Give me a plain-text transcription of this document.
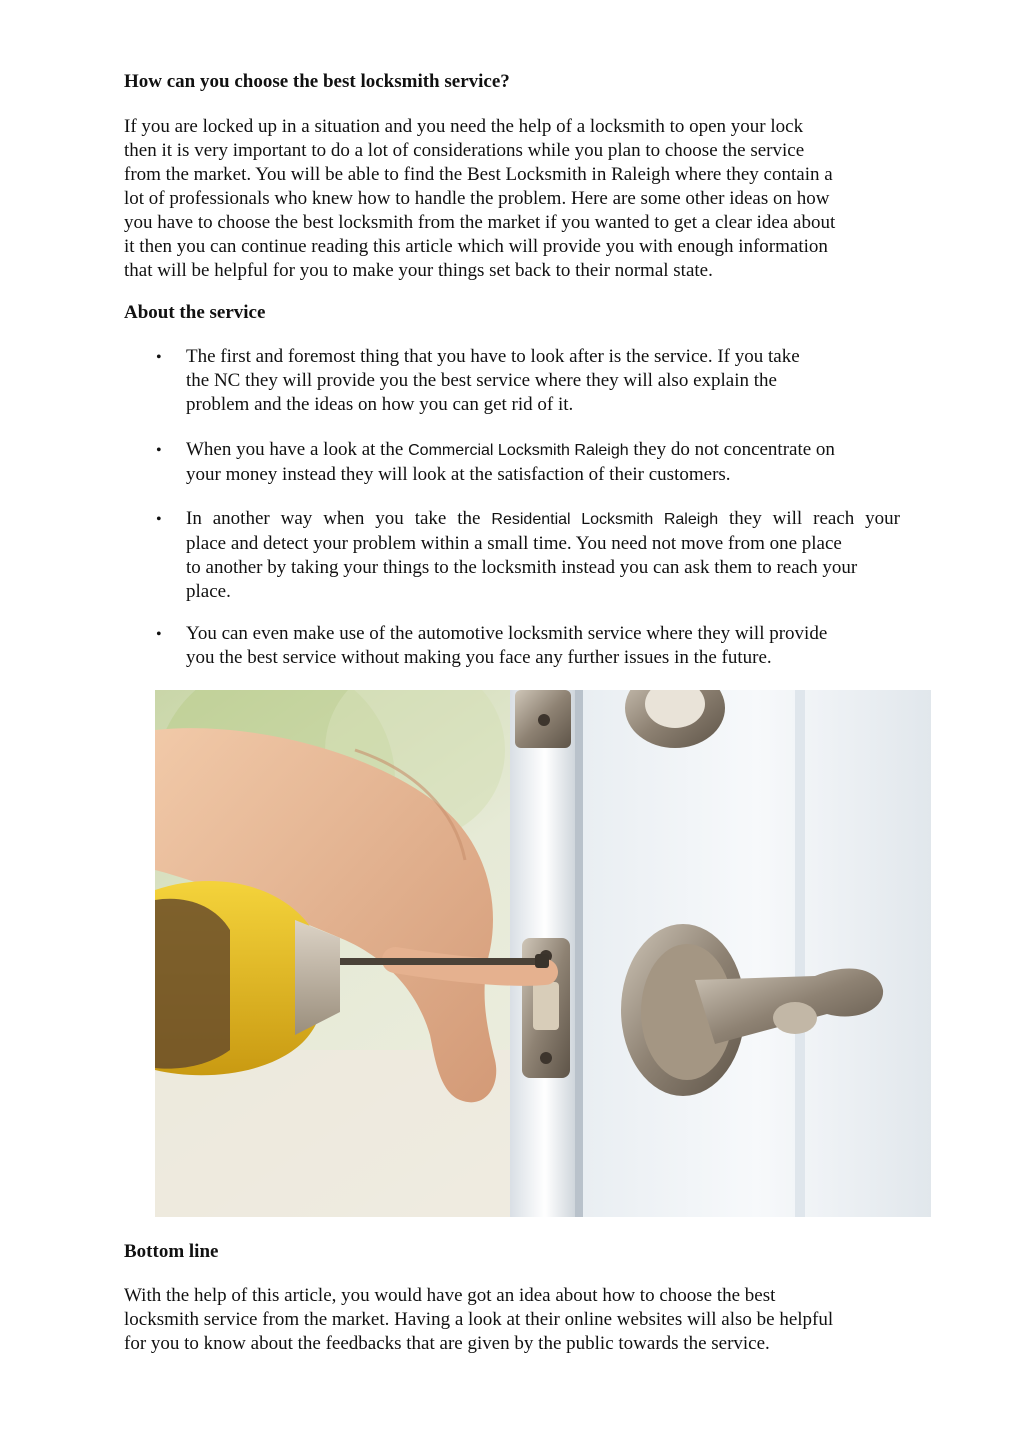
How can you choose the best locksmith service?

If you are locked up in a situation and you need the help of a locksmith to open your lock
then it is very important to do a lot of considerations while you plan to choose the service
from the market. You will be able to find the Best Locksmith in Raleigh where they contain a
lot of professionals who knew how to handle the problem. Here are some other ideas on how
you have to choose the best locksmith from the market if you wanted to get a clear idea about
it then you can continue reading this article which will provide you with enough information
that will be helpful for you to make your things set back to their normal state.

About the service
• The first and foremost thing that you have to look after is the service. If you take
the NC they will provide you the best service where they will also explain the
problem and the ideas on how you can get rid of it.

• When you have a look at the Commercial Locksmith Raleigh they do not concentrate on
your money instead they will look at the satisfaction of their customers.

• In another way when you take the Residential Locksmith Raleigh they will reach your
place and detect your problem within a small time. You need not move from one place
to another by taking your things to the locksmith instead you can ask them to reach your
place.

• You can even make use of the automotive locksmith service where they will provide
you the best service without making you face any further issues in the future.

Bottom line

With the help of this article, you would have got an idea about how to choose the best
locksmith service from the market. Having a look at their online websites will also be helpful
for you to know about the feedbacks that are given by the public towards the service.
